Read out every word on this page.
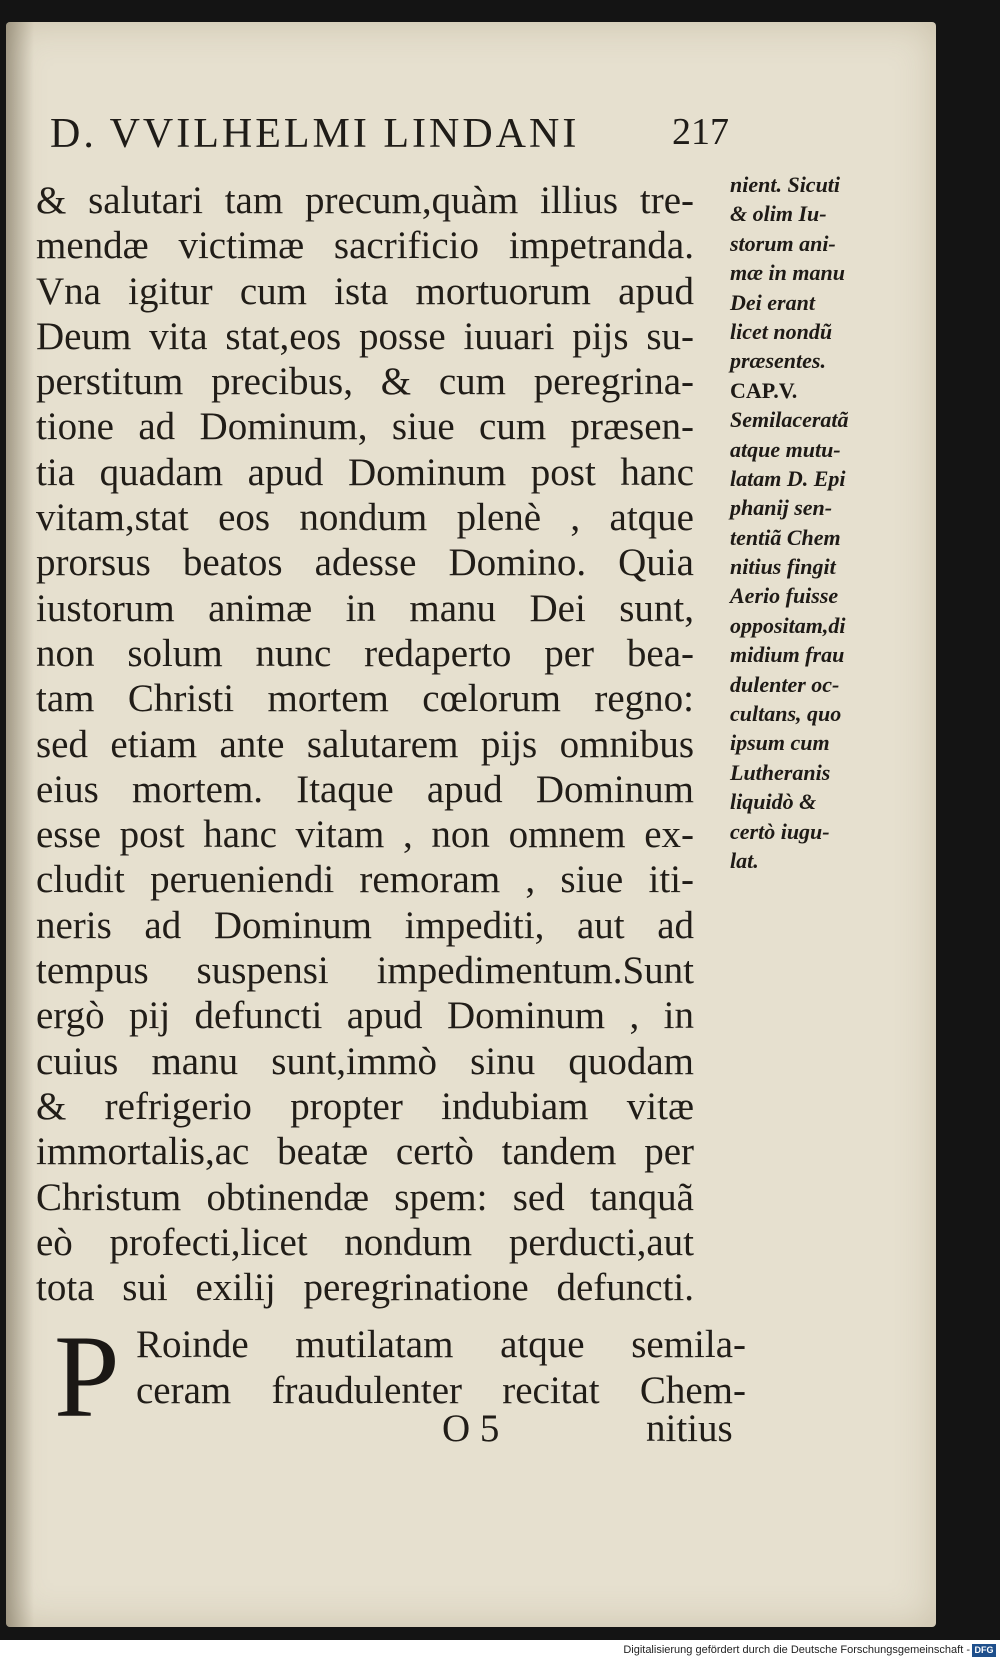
D. VVILHELMI LINDANI 217
& salutari tam precum,quàm illius tre-
mendæ victimæ sacrificio impetranda.
Vna igitur cum ista mortuorum apud
Deum vita stat,eos posse iuuari pijs su-
perstitum precibus, & cum peregrina-
tione ad Dominum, siue cum præsen-
tia quadam apud Dominum post hanc
vitam,stat eos nondum plenè , atque
prorsus beatos adesse Domino. Quia
iustorum animæ in manu Dei sunt,
non solum nunc redaperto per bea-
tam Christi mortem cœlorum regno:
sed etiam ante salutarem pijs omnibus
eius mortem. Itaque apud Dominum
esse post hanc vitam , non omnem ex-
cludit perueniendi remoram , siue iti-
neris ad Dominum impediti, aut ad
tempus suspensi impedimentum.Sunt
ergò pij defuncti apud Dominum , in
cuius manu sunt,immò sinu quodam
& refrigerio propter indubiam vitæ
immortalis,ac beatæ certò tandem per
Christum obtinendæ spem: sed tanquã
eò profecti,licet nondum perducti,aut
tota sui exilij peregrinatione defuncti.
nient. Sicuti
& olim Iu-
storum ani-
mæ in manu
Dei erant
licet nondũ
præsentes.
CAP.V.
Semilaceratã
atque mutu-
latam D. Epi
phanij sen-
tentiã Chem
nitius fingit
Aerio fuisse
oppositam,di
midium frau
dulenter oc-
cultans, quo
ipsum cum
Lutheranis
liquidò &
certò iugu-
lat.
P Roinde mutilatam atque semila-
ceram fraudulenter recitat Chem-
O 5	nitius
Digitalisierung gefördert durch die Deutsche Forschungsgemeinschaft - DFG
